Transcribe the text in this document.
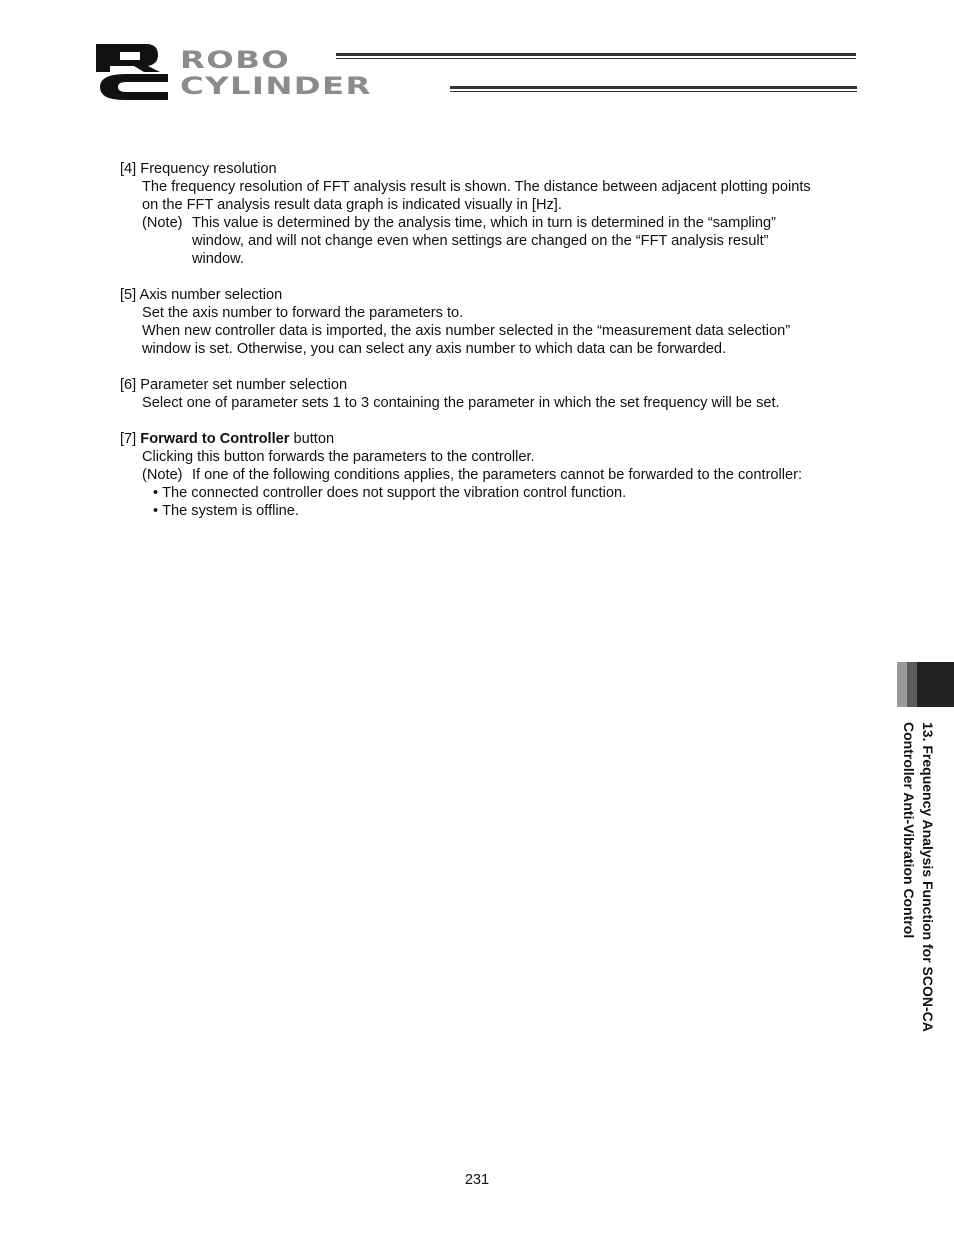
ROBO
CYLINDER
[4] Frequency resolution
The frequency resolution of FFT analysis result is shown. The distance between adjacent plotting points
on the FFT analysis result data graph is indicated visually in [Hz].
(Note) This value is determined by the analysis time, which in turn is determined in the “sampling”
window, and will not change even when settings are changed on the “FFT analysis result”
window.
[5] Axis number selection
Set the axis number to forward the parameters to.
When new controller data is imported, the axis number selected in the “measurement data selection”
window is set. Otherwise, you can select any axis number to which data can be forwarded.
[6] Parameter set number selection
Select one of parameter sets 1 to 3 containing the parameter in which the set frequency will be set.
[7] Forward to Controller button
Clicking this button forwards the parameters to the controller.
(Note) If one of the following conditions applies, the parameters cannot be forwarded to the controller:
• The connected controller does not support the vibration control function.
• The system is offline.
13. Frequency Analysis Function for SCON-CA
Controller Anti-Vibration Control
231
